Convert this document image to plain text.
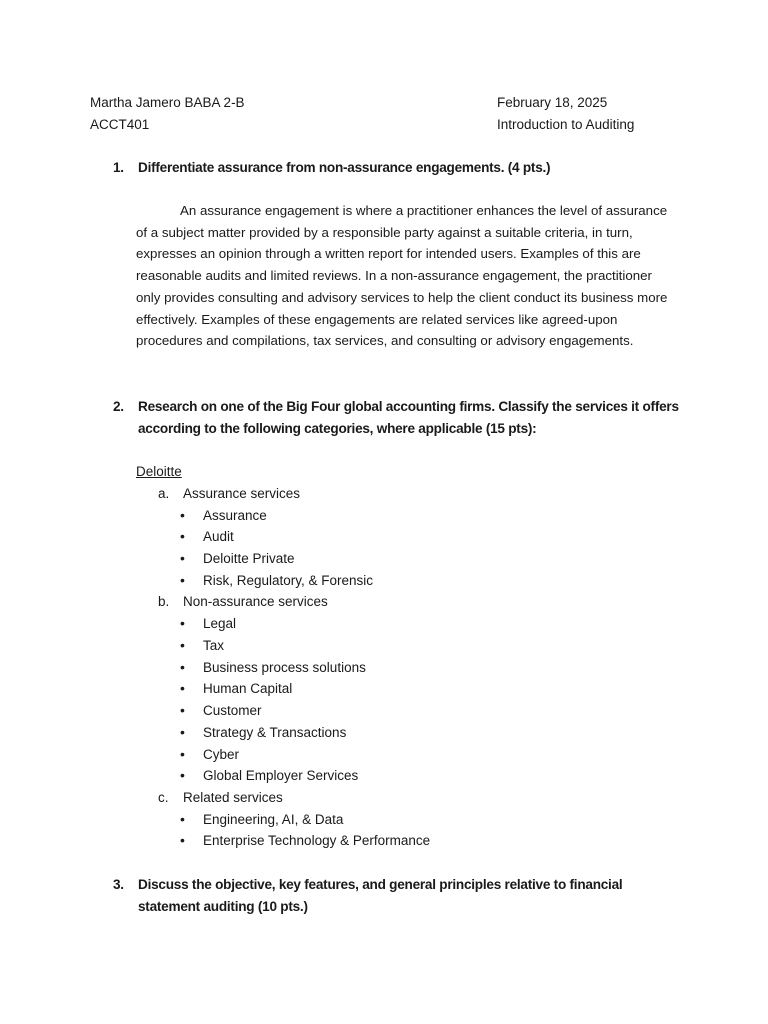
Martha Jamero BABA 2-B
ACCT401
February 18, 2025
Introduction to Auditing
1. Differentiate assurance from non-assurance engagements. (4 pts.)

An assurance engagement is where a practitioner enhances the level of assurance of a subject matter provided by a responsible party against a suitable criteria, in turn, expresses an opinion through a written report for intended users. Examples of this are reasonable audits and limited reviews. In a non-assurance engagement, the practitioner only provides consulting and advisory services to help the client conduct its business more effectively. Examples of these engagements are related services like agreed-upon procedures and compilations, tax services, and consulting or advisory engagements.

2. Research on one of the Big Four global accounting firms. Classify the services it offers according to the following categories, where applicable (15 pts):
Deloitte
a. Assurance services
• Assurance
• Audit
• Deloitte Private
• Risk, Regulatory, & Forensic
b. Non-assurance services
• Legal
• Tax
• Business process solutions
• Human Capital
• Customer
• Strategy & Transactions
• Cyber
• Global Employer Services
c. Related services
• Engineering, AI, & Data
• Enterprise Technology & Performance
3. Discuss the objective, key features, and general principles relative to financial statement auditing (10 pts.)
